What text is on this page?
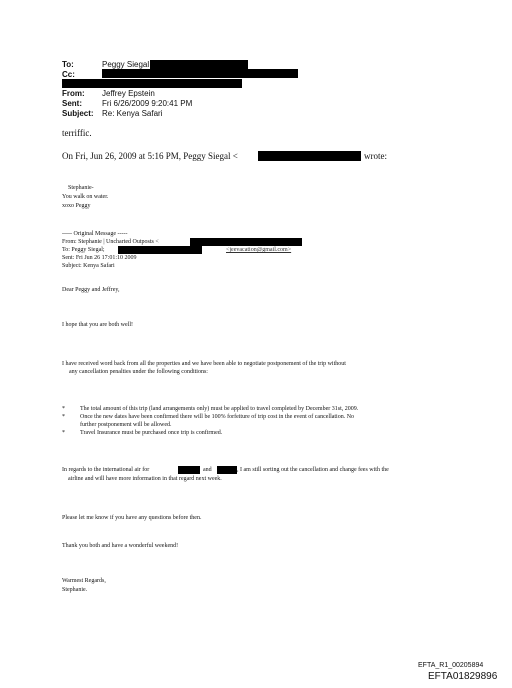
To:	Peggy Siegal
Cc:
From: Jeffrey Epstein
Sent:	Fri 6/26/2009 9:20:41 PM
Subject: Re: Kenya Safari
terriffic.
On Fri, Jun 26, 2009 at 5:16 PM, Peggy Siegal <	wrote:
Stephanie-
You walk on water.
xoxo Peggy
----- Original Message -----
From: Stephanie | Uncharted Outposts <
To: Peggy Siegal;	<jeevacation@gmail.com>
Sent: Fri Jun 26 17:01:10 2009
Subject: Kenya Safari
Dear Peggy and Jeffrey,
I hope that you are both well!
I have received word back from all the properties and we have been able to negotiate postponement of the trip without
any cancellation penalties under the following conditions:
*	The total amount of this trip (land arrangements only) must be applied to travel completed by December 31st, 2009.
*	Once the new dates have been confirmed there will be 100% forfeiture of trip cost in the event of cancellation. No
further postponement will be allowed.
*	Travel Insurance must be purchased once trip is confirmed.
In regards to the international air for	and	, I am still sorting out the cancellation and change fees with the
airline and will have more information in that regard next week.
Please let me know if you have any questions before then.
Thank you both and have a wonderful weekend!
Warmest Regards,
Stephanie.
EFTA_R1_00205894
EFTA01829896
